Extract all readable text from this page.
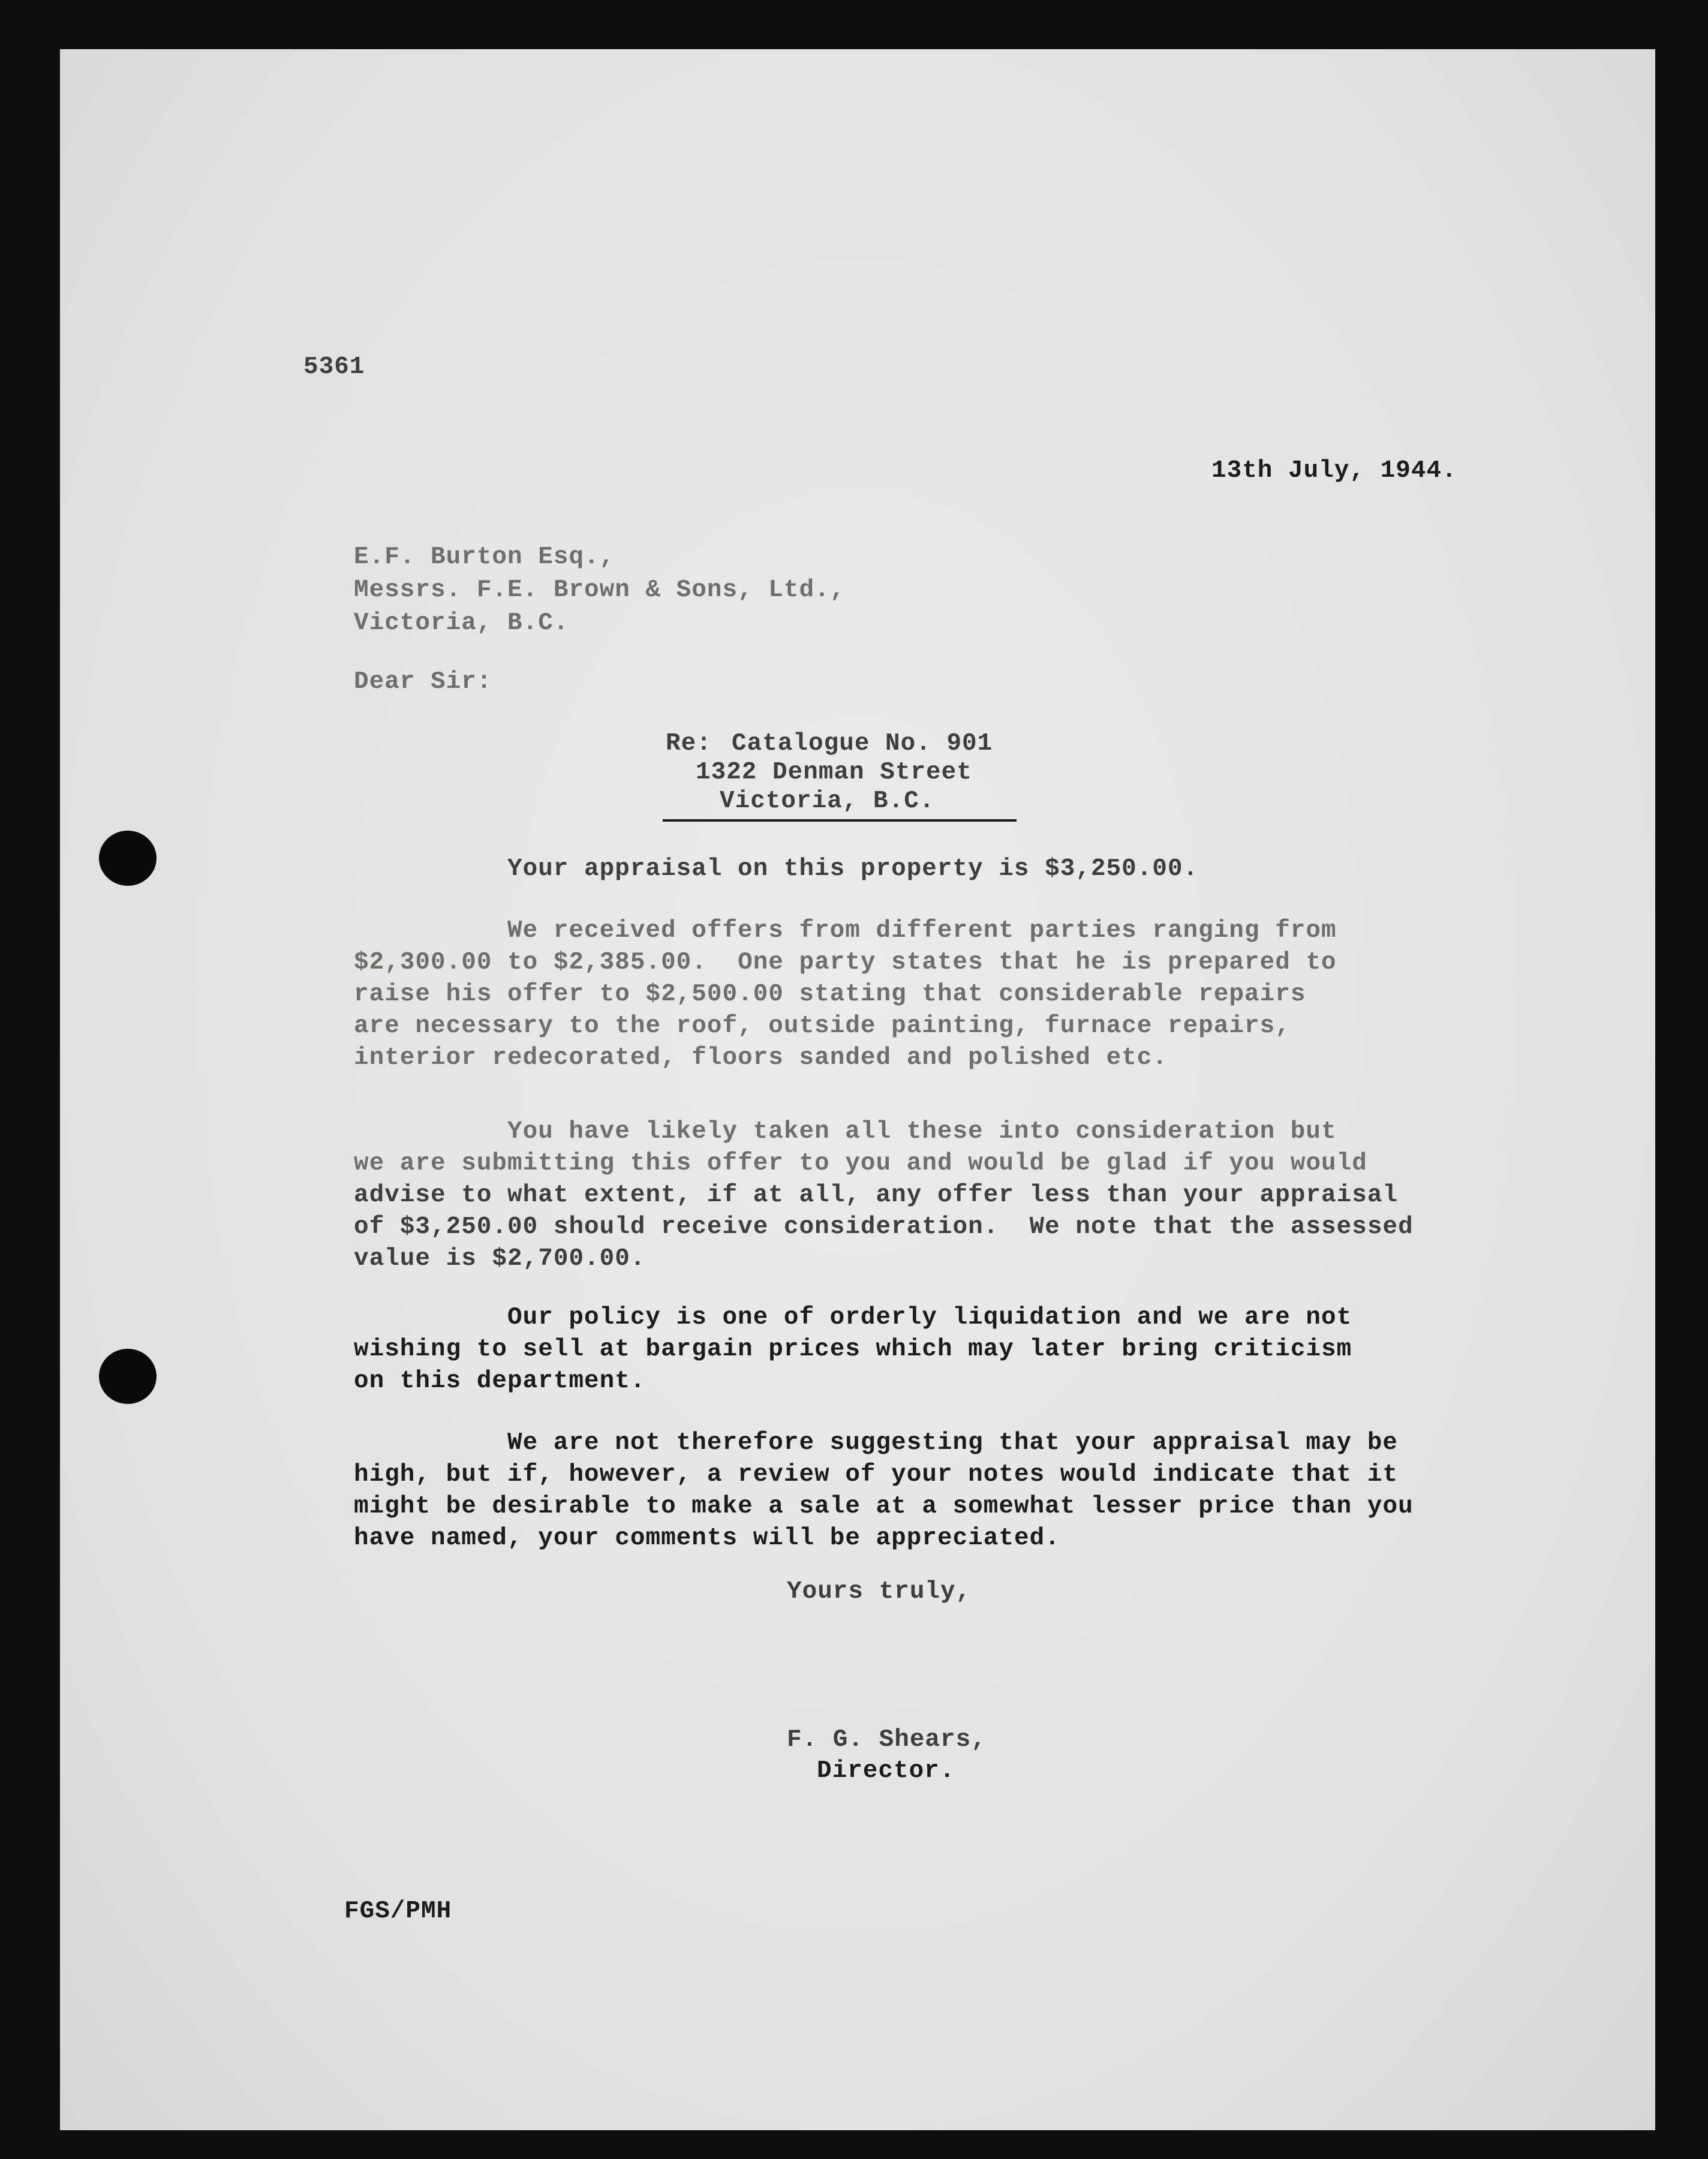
5361

13th July, 1944.

E.F. Burton Esq.,

Messrs. F.E. Brown & Sons, Ltd.,

Victoria, B.C.

Dear Sir:

Re: Catalogue No. 901

1322 Denman Street

Victoria, B.C.

Your appraisal on this property is $3,250.00.

We received offers from different parties ranging from

$2,300.00 to $2,385.00.  One party states that he is prepared to

raise his offer to $2,500.00 stating that considerable repairs

are necessary to the roof, outside painting, furnace repairs,

interior redecorated, floors sanded and polished etc.

You have likely taken all these into consideration but

we are submitting this offer to you and would be glad if you would

advise to what extent, if at all, any offer less than your appraisal

of $3,250.00 should receive consideration.  We note that the assessed

value is $2,700.00.

Our policy is one of orderly liquidation and we are not

wishing to sell at bargain prices which may later bring criticism

on this department.

We are not therefore suggesting that your appraisal may be

high, but if, however, a review of your notes would indicate that it

might be desirable to make a sale at a somewhat lesser price than you

have named, your comments will be appreciated.

Yours truly,

F. G. Shears,

Director.

FGS/PMH
